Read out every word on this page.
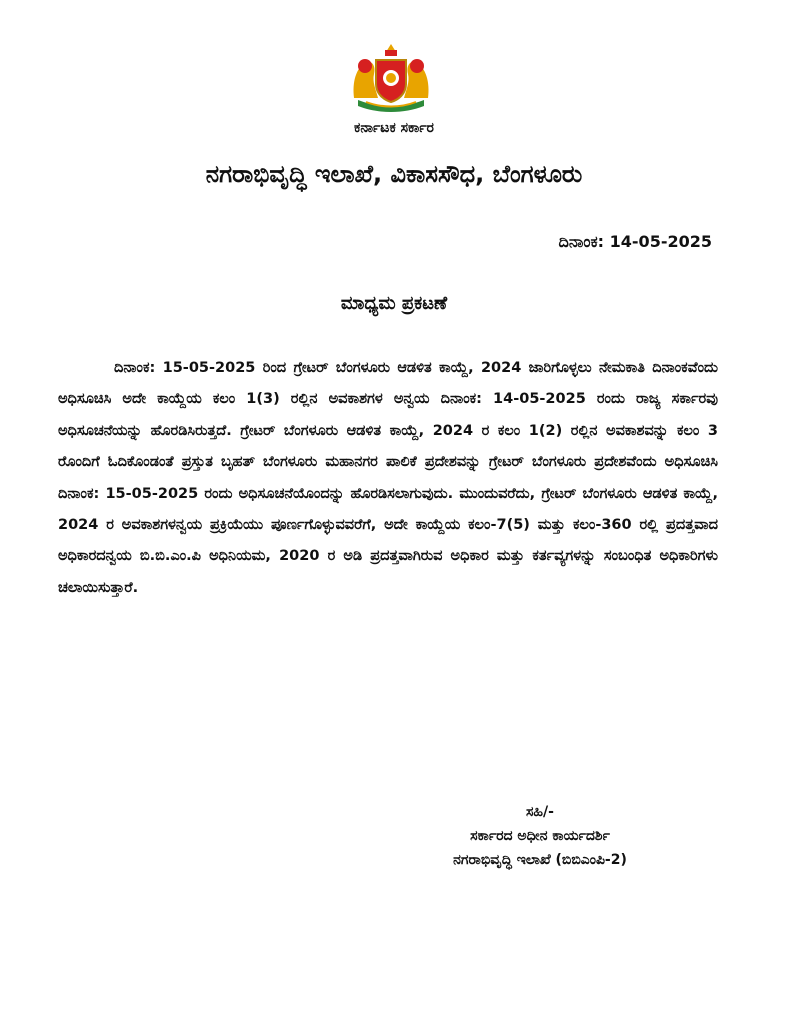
ಕರ್ನಾಟಕ ಸರ್ಕಾರ
ನಗರಾಭಿವೃದ್ಧಿ ಇಲಾಖೆ, ವಿಕಾಸಸೌಧ, ಬೆಂಗಳೂರು
ದಿನಾಂಕ: 14-05-2025
ಮಾಧ್ಯಮ ಪ್ರಕಟಣೆ
ದಿನಾಂಕ: 15-05-2025 ರಿಂದ ಗ್ರೇಟರ್ ಬೆಂಗಳೂರು ಆಡಳಿತ ಕಾಯ್ದೆ, 2024 ಜಾರಿಗೊಳ್ಳಲು ನೇಮಕಾತಿ ದಿನಾಂಕವೆಂದು ಅಧಿಸೂಚಿಸಿ ಅದೇ ಕಾಯ್ದೆಯ ಕಲಂ 1(3) ರಲ್ಲಿನ ಅವಕಾಶಗಳ ಅನ್ವಯ ದಿನಾಂಕ: 14-05-2025 ರಂದು ರಾಜ್ಯ ಸರ್ಕಾರವು ಅಧಿಸೂಚನೆಯನ್ನು ಹೊರಡಿಸಿರುತ್ತದೆ. ಗ್ರೇಟರ್ ಬೆಂಗಳೂರು ಆಡಳಿತ ಕಾಯ್ದೆ, 2024 ರ ಕಲಂ 1(2) ರಲ್ಲಿನ ಅವಕಾಶವನ್ನು ಕಲಂ 3 ರೊಂದಿಗೆ ಓದಿಕೊಂಡಂತೆ ಪ್ರಸ್ತುತ ಬೃಹತ್ ಬೆಂಗಳೂರು ಮಹಾನಗರ ಪಾಲಿಕೆ ಪ್ರದೇಶವನ್ನು ಗ್ರೇಟರ್ ಬೆಂಗಳೂರು ಪ್ರದೇಶವೆಂದು ಅಧಿಸೂಚಿಸಿ ದಿನಾಂಕ: 15-05-2025 ರಂದು ಅಧಿಸೂಚನೆಯೊಂದನ್ನು ಹೊರಡಿಸಲಾಗುವುದು. ಮುಂದುವರೆದು, ಗ್ರೇಟರ್ ಬೆಂಗಳೂರು ಆಡಳಿತ ಕಾಯ್ದೆ, 2024 ರ ಅವಕಾಶಗಳನ್ವಯ ಪ್ರಕ್ರಿಯೆಯು ಪೂರ್ಣಗೊಳ್ಳುವವರೆಗೆ, ಅದೇ ಕಾಯ್ದೆಯ ಕಲಂ-7(5) ಮತ್ತು ಕಲಂ-360 ರಲ್ಲಿ ಪ್ರದತ್ತವಾದ ಅಧಿಕಾರದನ್ವಯ ಬಿ.ಬಿ.ಎಂ.ಪಿ ಅಧಿನಿಯಮ, 2020 ರ ಅಡಿ ಪ್ರದತ್ತವಾಗಿರುವ ಅಧಿಕಾರ ಮತ್ತು ಕರ್ತವ್ಯಗಳನ್ನು ಸಂಬಂಧಿತ ಅಧಿಕಾರಿಗಳು ಚಲಾಯಿಸುತ್ತಾರೆ.
ಸಹಿ/-
ಸರ್ಕಾರದ ಅಧೀನ ಕಾರ್ಯದರ್ಶಿ
ನಗರಾಭಿವೃದ್ಧಿ ಇಲಾಖೆ (ಬಿಬಿಎಂಪಿ-2)
